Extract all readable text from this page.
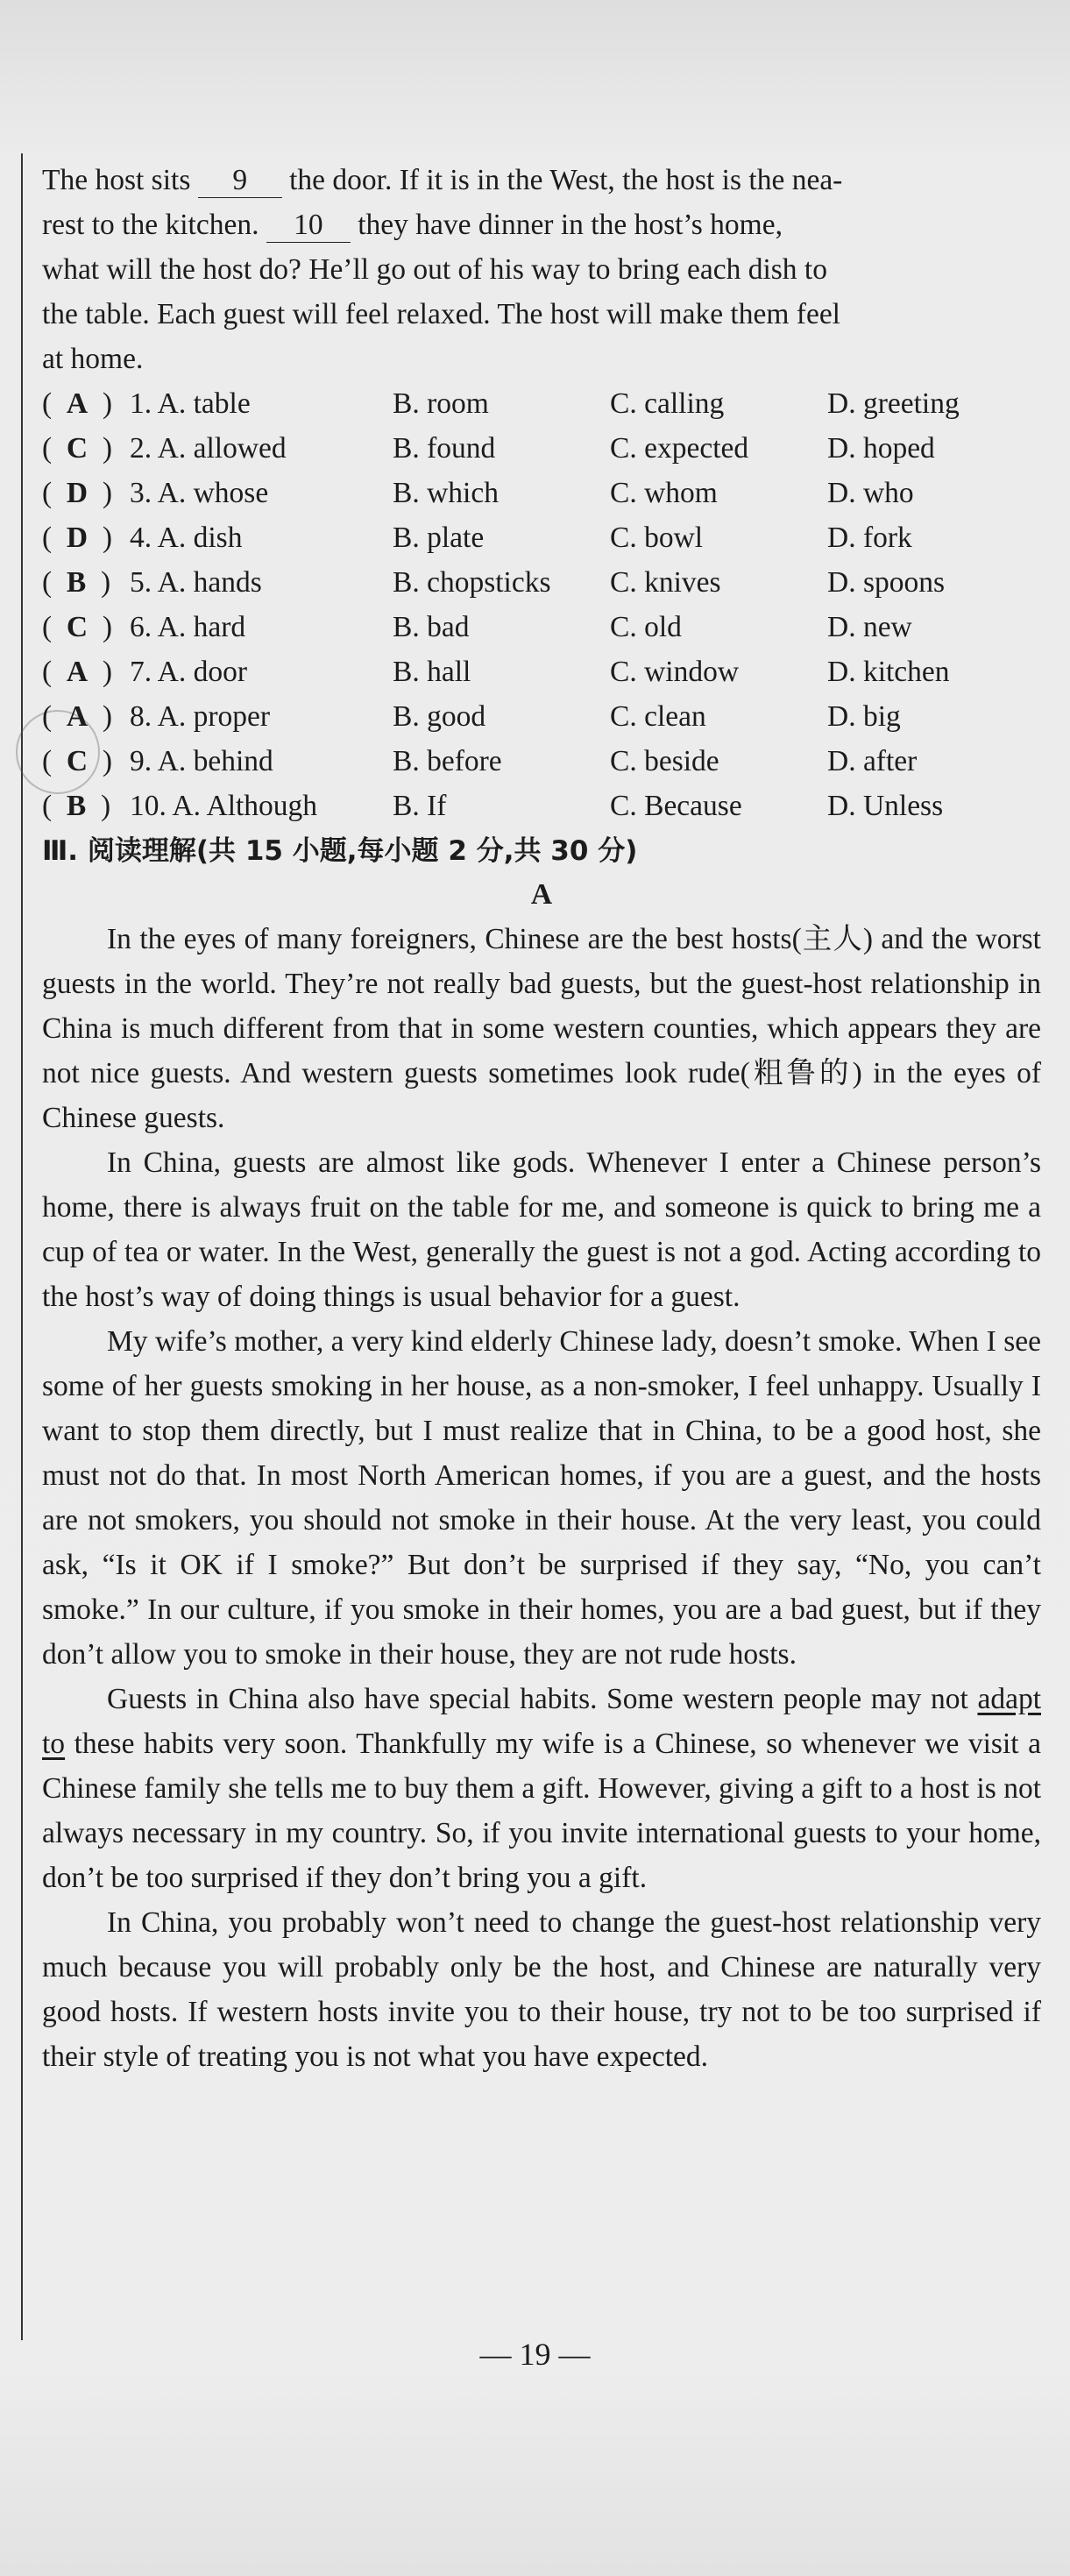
The host sits 9 the door. If it is in the West, the host is the nea-

rest to the kitchen. 10 they have dinner in the host’s home,

what will the host do? He’ll go out of his way to bring each dish to

the table. Each guest will feel relaxed. The host will make them feel

at home.

(  A  ) 1. A. table	B. room	C. calling	D. greeting
(  C  ) 2. A. allowed	B. found	C. expected	D. hoped
(  D  ) 3. A. whose	B. which	C. whom	D. who
(  D  ) 4. A. dish	B. plate	C. bowl	D. fork
(  B  ) 5. A. hands	B. chopsticks	C. knives	D. spoons
(  C  ) 6. A. hard	B. bad	C. old	D. new
(  A  ) 7. A. door	B. hall	C. window	D. kitchen
(  A  ) 8. A. proper	B. good	C. clean	D. big
(  C  ) 9. A. behind	B. before	C. beside	D. after
(  B  ) 10. A. Although	B. If	C. Because	D. Unless

Ⅲ. 阅读理解(共 15 小题,每小题 2 分,共 30 分)

A

In the eyes of many foreigners, Chinese are the best hosts(主人) and the worst guests in the world. They’re not really bad guests, but the guest-host relationship in China is much different from that in some western counties, which appears they are not nice guests. And western guests sometimes look rude(粗鲁的) in the eyes of Chinese guests.

In China, guests are almost like gods. Whenever I enter a Chinese person’s home, there is always fruit on the table for me, and someone is quick to bring me a cup of tea or water. In the West, generally the guest is not a god. Acting according to the host’s way of doing things is usual behavior for a guest.

My wife’s mother, a very kind elderly Chinese lady, doesn’t smoke. When I see some of her guests smoking in her house, as a non-smoker, I feel unhappy. Usually I want to stop them directly, but I must realize that in China, to be a good host, she must not do that. In most North American homes, if you are a guest, and the hosts are not smokers, you should not smoke in their house. At the very least, you could ask, “Is it OK if I smoke?” But don’t be surprised if they say, “No, you can’t smoke.” In our culture, if you smoke in their homes, you are a bad guest, but if they don’t allow you to smoke in their house, they are not rude hosts.

Guests in China also have special habits. Some western people may not adapt to these habits very soon. Thankfully my wife is a Chinese, so whenever we visit a Chinese family she tells me to buy them a gift. However, giving a gift to a host is not always necessary in my country. So, if you invite international guests to your home, don’t be too surprised if they don’t bring you a gift.

In China, you probably won’t need to change the guest-host relationship very much because you will probably only be the host, and Chinese are naturally very good hosts. If western hosts invite you to their house, try not to be too surprised if their style of treating you is not what you have expected.

— 19 —
